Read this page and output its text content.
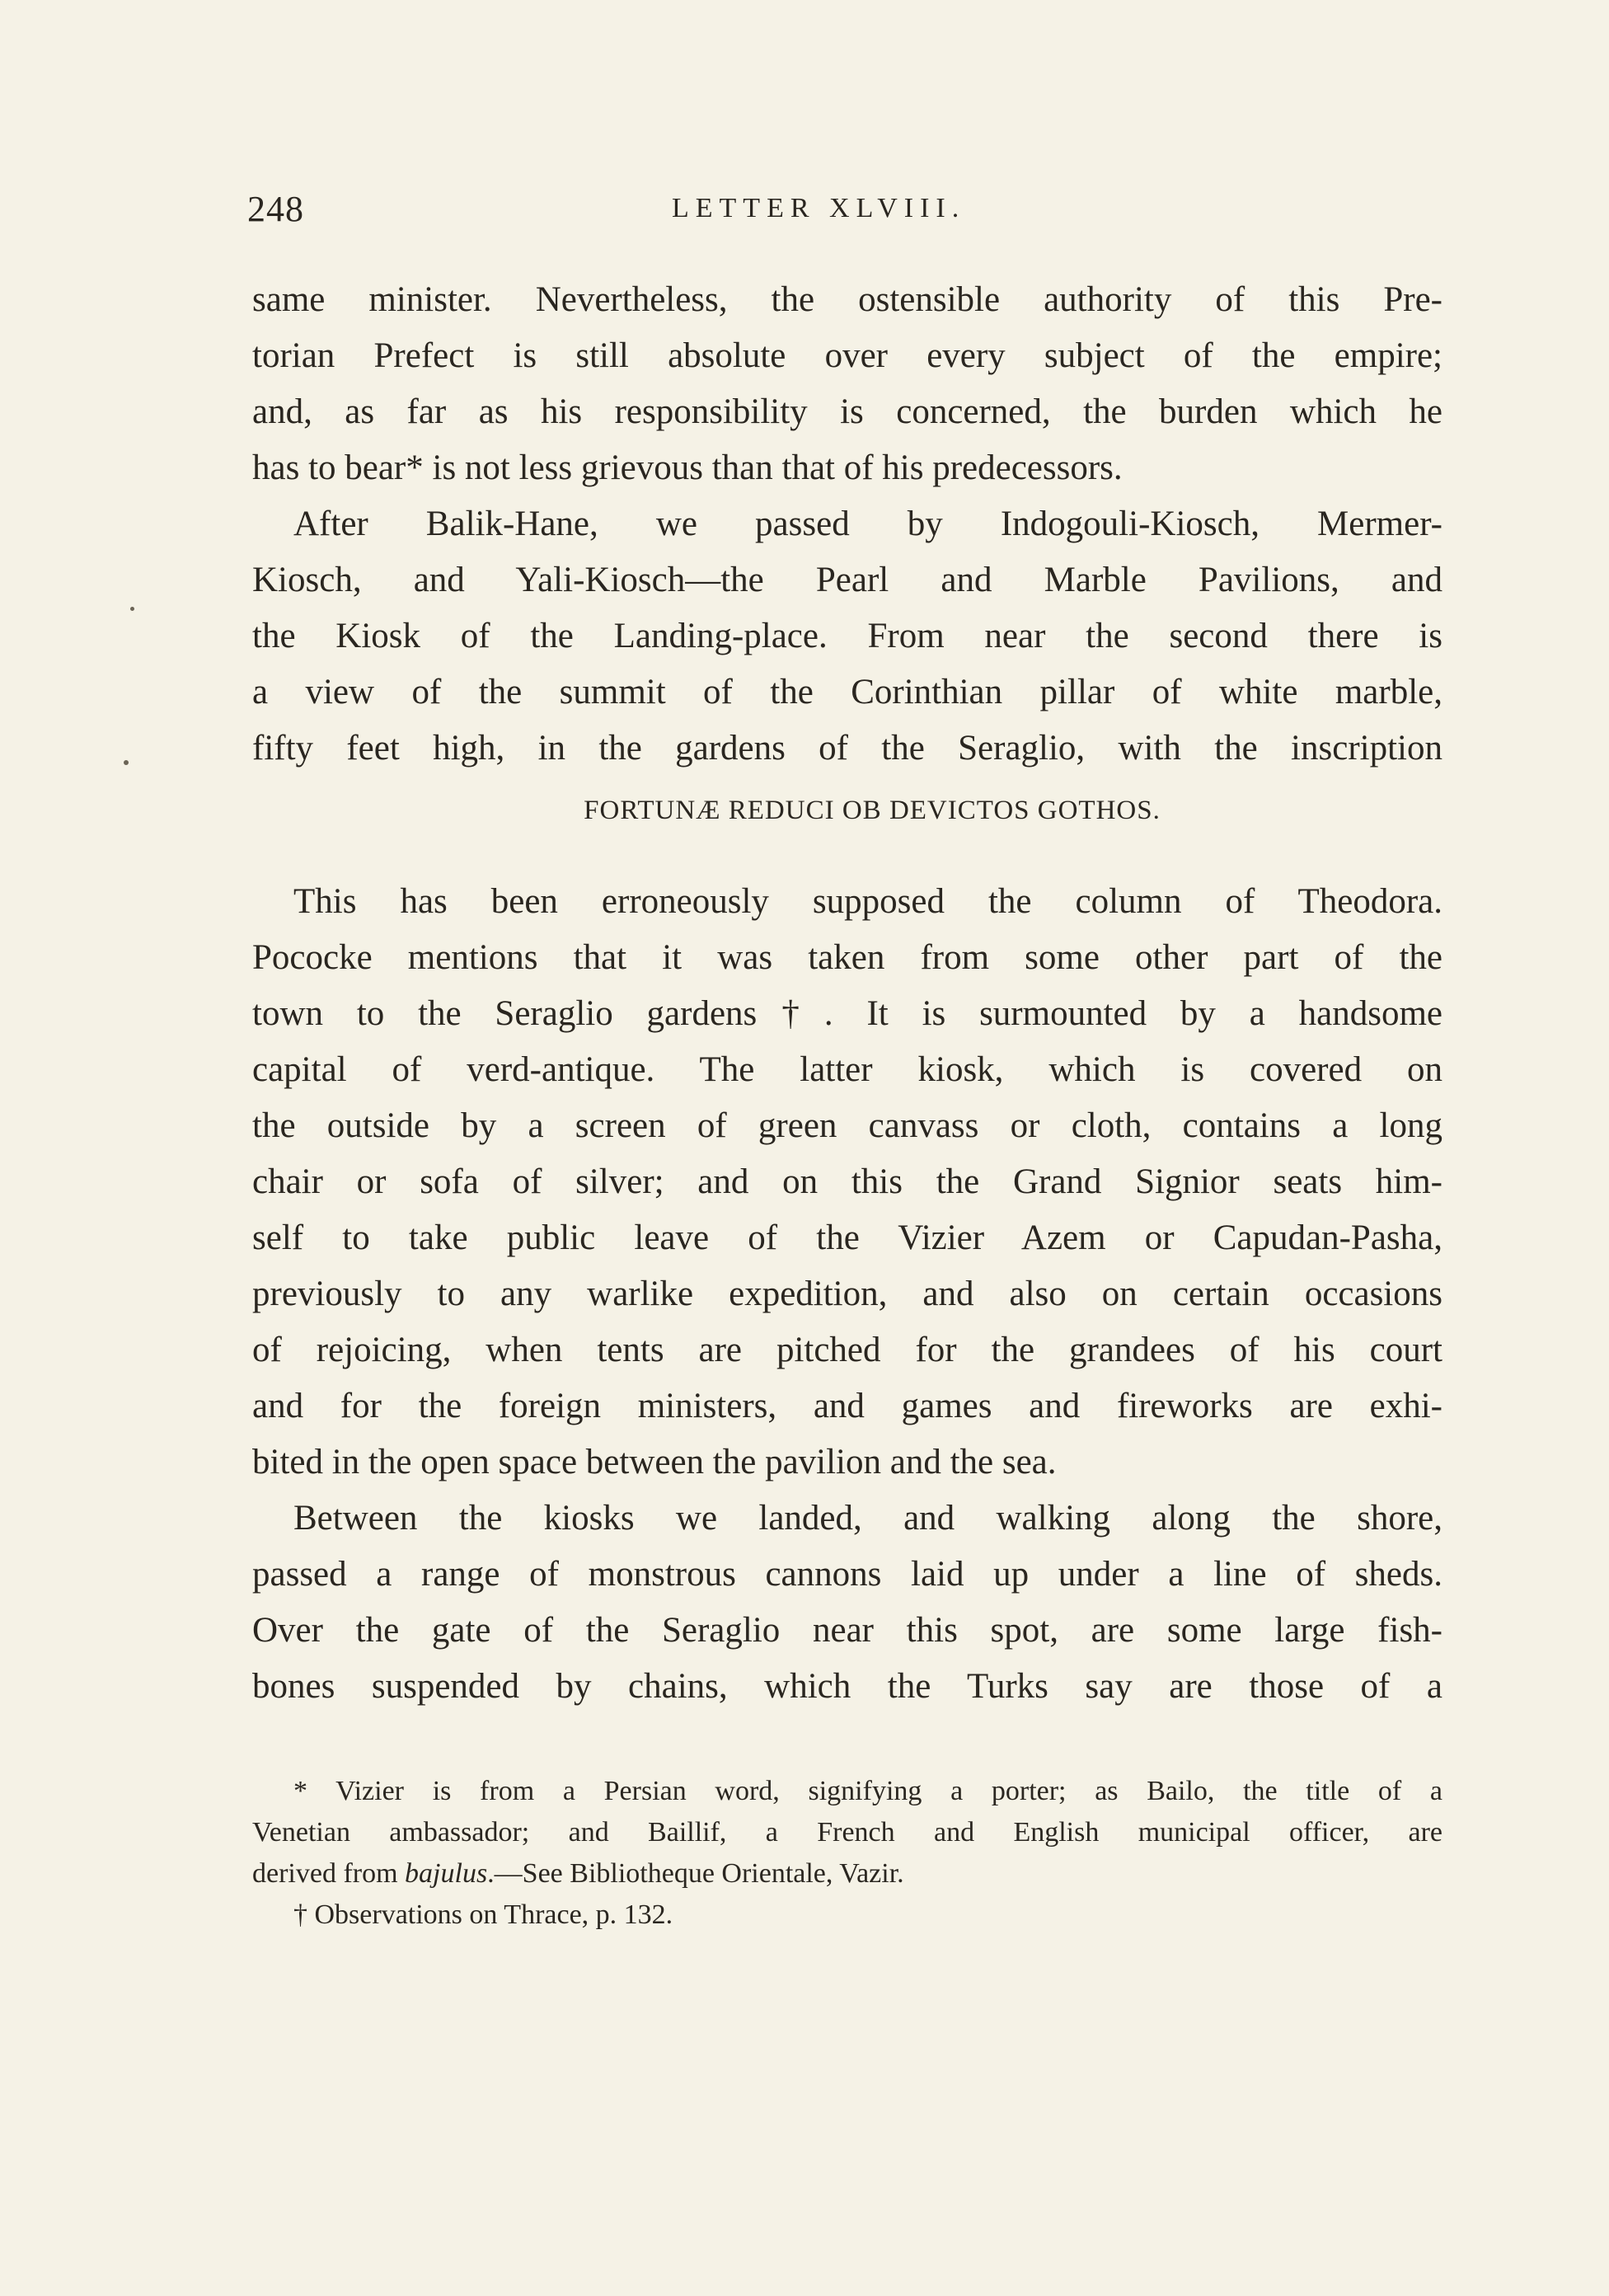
248	LETTER XLVIII.
same minister. Nevertheless, the ostensible authority of this Pre-
torian Prefect is still absolute over every subject of the empire;
and, as far as his responsibility is concerned, the burden which he
has to bear* is not less grievous than that of his predecessors.
After Balik-Hane, we passed by Indogouli-Kiosch, Mermer-
Kiosch, and Yali-Kiosch—the Pearl and Marble Pavilions, and
the Kiosk of the Landing-place. From near the second there is
a view of the summit of the Corinthian pillar of white marble,
fifty feet high, in the gardens of the Seraglio, with the inscription
FORTUNÆ REDUCI OB DEVICTOS GOTHOS.
This has been erroneously supposed the column of Theodora.
Pococke mentions that it was taken from some other part of the
town to the Seraglio gardens†. It is surmounted by a handsome
capital of verd-antique. The latter kiosk, which is covered on
the outside by a screen of green canvass or cloth, contains a long
chair or sofa of silver; and on this the Grand Signior seats him-
self to take public leave of the Vizier Azem or Capudan-Pasha,
previously to any warlike expedition, and also on certain occasions
of rejoicing, when tents are pitched for the grandees of his court
and for the foreign ministers, and games and fireworks are exhi-
bited in the open space between the pavilion and the sea.
Between the kiosks we landed, and walking along the shore,
passed a range of monstrous cannons laid up under a line of sheds.
Over the gate of the Seraglio near this spot, are some large fish-
bones suspended by chains, which the Turks say are those of a
* Vizier is from a Persian word, signifying a porter; as Bailo, the title of a
Venetian ambassador; and Baillif, a French and English municipal officer, are
derived from bajulus.—See Bibliotheque Orientale, Vazir.
† Observations on Thrace, p. 132.
